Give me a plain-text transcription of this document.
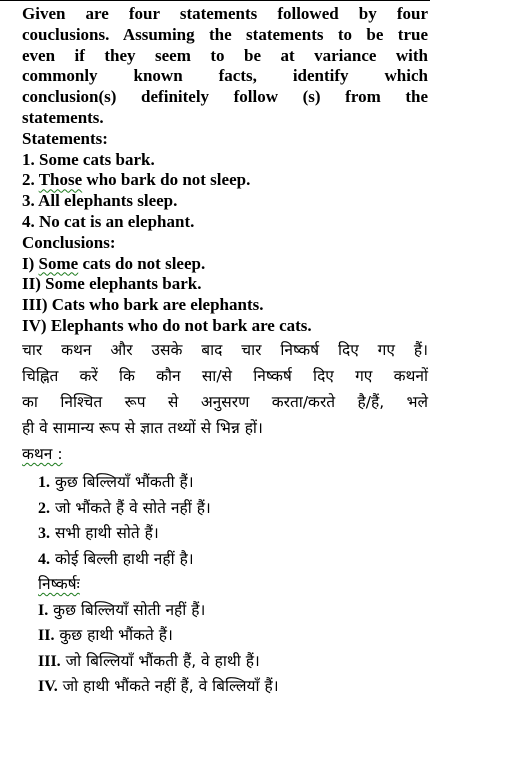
Given are four statements followed by four
couclusions. Assuming the statements to be true
even if they seem to be at variance with
commonly known facts, identify which
conclusion(s) definitely follow (s) from the
statements.
Statements:
1. Some cats bark.
2. Those who bark do not sleep.
3. All elephants sleep.
4. No cat is an elephant.
Conclusions:
I) Some cats do not sleep.
II) Some elephants bark.
III) Cats who bark are elephants.
IV) Elephants who do not bark are cats.
चार कथन और उसके बाद चार निष्कर्ष दिए गए हैं।
चिह्नित करें कि कौन सा/से निष्कर्ष दिए गए कथनों
का निश्चित रूप से अनुसरण करता/करते है/हैं, भले
ही वे सामान्य रूप से ज्ञात तथ्यों से भिन्न हों।
कथन :
1. कुछ बिल्लियाँ भौंकती हैं।
2. जो भौंकते हैं वे सोते नहीं हैं।
3. सभी हाथी सोते हैं।
4. कोई बिल्ली हाथी नहीं है।
निष्कर्षः
I. कुछ बिल्लियाँ सोती नहीं हैं।
II. कुछ हाथी भौंकते हैं।
III. जो बिल्लियाँ भौंकती हैं, वे हाथी हैं।
IV. जो हाथी भौंकते नहीं हैं, वे बिल्लियाँ हैं।
